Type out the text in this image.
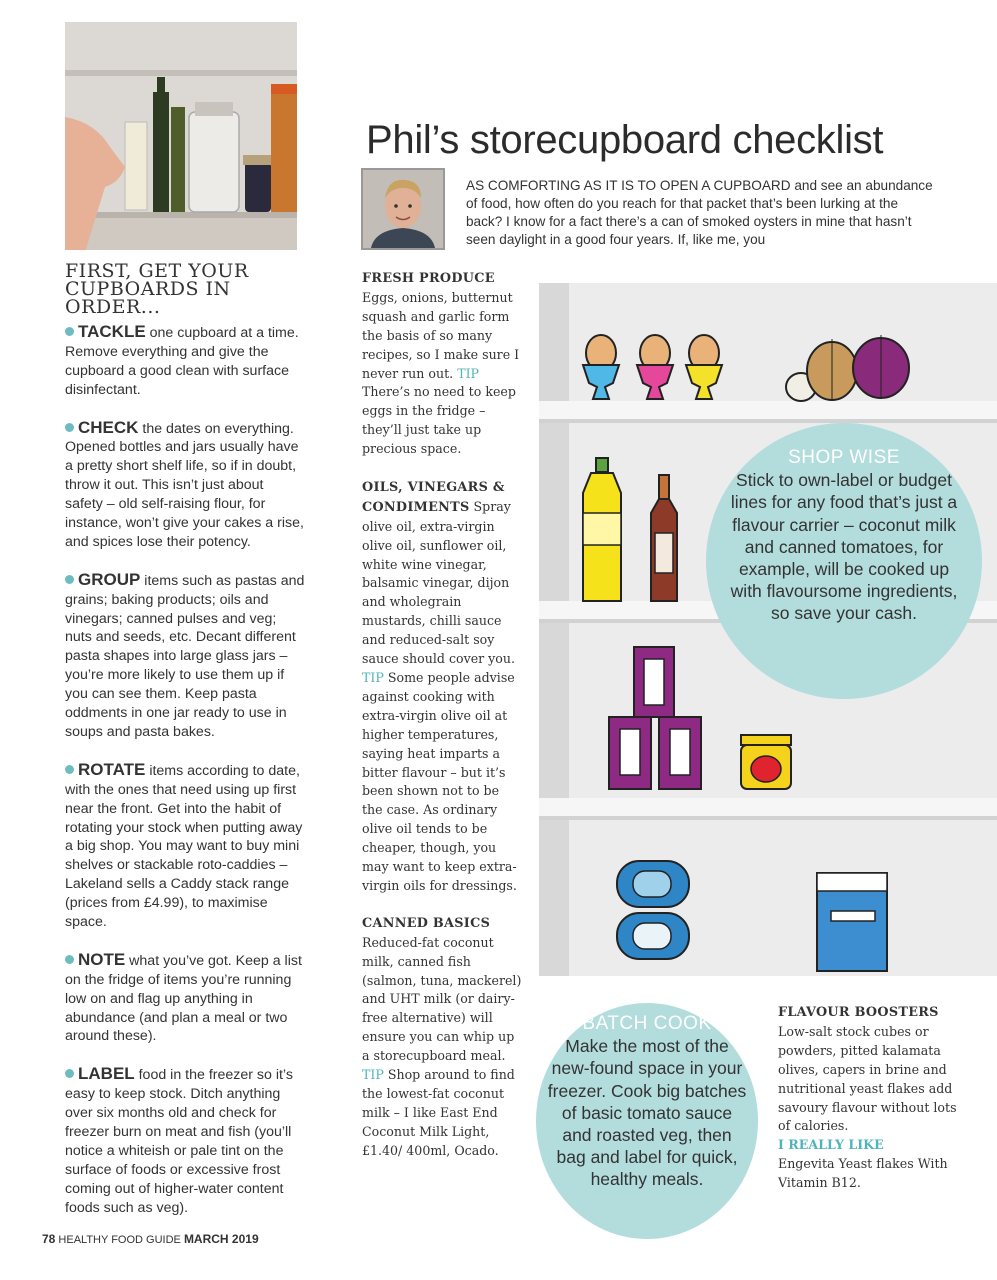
FIRST, GET YOUR CUPBOARDS IN ORDER...

TACKLE one cupboard at a time. Remove everything and give the cupboard a good clean with surface disinfectant.

CHECK the dates on everything. Opened bottles and jars usually have a pretty short shelf life, so if in doubt, throw it out. This isn’t just about safety – old self-raising flour, for instance, won’t give your cakes a rise, and spices lose their potency.

GROUP items such as pastas and grains; baking products; oils and vinegars; canned pulses and veg; nuts and seeds, etc. Decant different pasta shapes into large glass jars – you’re more likely to use them up if you can see them. Keep pasta oddments in one jar ready to use in soups and pasta bakes.

ROTATE items according to date, with the ones that need using up first near the front. Get into the habit of rotating your stock when putting away a big shop. You may want to buy mini shelves or stackable roto-caddies – Lakeland sells a Caddy stack range (prices from £4.99), to maximise space.

NOTE what you’ve got. Keep a list on the fridge of items you’re running low on and flag up anything in abundance (and plan a meal or two around these).

LABEL food in the freezer so it’s easy to keep stock. Ditch anything over six months old and check for freezer burn on meat and fish (you’ll notice a whiteish or pale tint on the surface of foods or excessive frost coming out of higher-water content foods such as veg).

Phil’s storecupboard checklist
AS COMFORTING AS IT IS TO OPEN A CUPBOARD and see an abundance of food, how often do you reach for that packet that’s been lurking at the back? I know for a fact there’s a can of smoked oysters in mine that hasn’t seen daylight in a good four years. If, like me, you
FRESH PRODUCE
Eggs, onions, butternut squash and garlic form the basis of so many recipes, so I make sure I never run out. TIP There’s no need to keep eggs in the fridge – they’ll just take up precious space.
OILS, VINEGARS & CONDIMENTS Spray olive oil, extra-virgin olive oil, sunflower oil, white wine vinegar, balsamic vinegar, dijon and wholegrain mustards, chilli sauce and reduced-salt soy sauce should cover you. TIP Some people advise against cooking with extra-virgin olive oil at higher temperatures, saying heat imparts a bitter flavour – but it’s been shown not to be the case. As ordinary olive oil tends to be cheaper, though, you may want to keep extra-virgin oils for dressings.
CANNED BASICS
Reduced-fat coconut milk, canned fish (salmon, tuna, mackerel) and UHT milk (or dairy-free alternative) will ensure you can whip up a storecupboard meal. TIP Shop around to find the lowest-fat coconut milk – I like East End Coconut Milk Light, £1.40/ 400ml, Ocado.
SHOP WISE
Stick to own-label or budget lines for any food that’s just a flavour carrier – coconut milk and canned tomatoes, for example, will be cooked up with flavoursome ingredients, so save your cash.
BATCH COOK
Make the most of the new-found space in your freezer. Cook big batches of basic tomato sauce and roasted veg, then bag and label for quick, healthy meals.
FLAVOUR BOOSTERS
Low-salt stock cubes or powders, pitted kalamata olives, capers in brine and nutritional yeast flakes add savoury flavour without lots of calories.
I REALLY LIKE
Engevita Yeast flakes With Vitamin B12.
78 HEALTHY FOOD GUIDE MARCH 2019
